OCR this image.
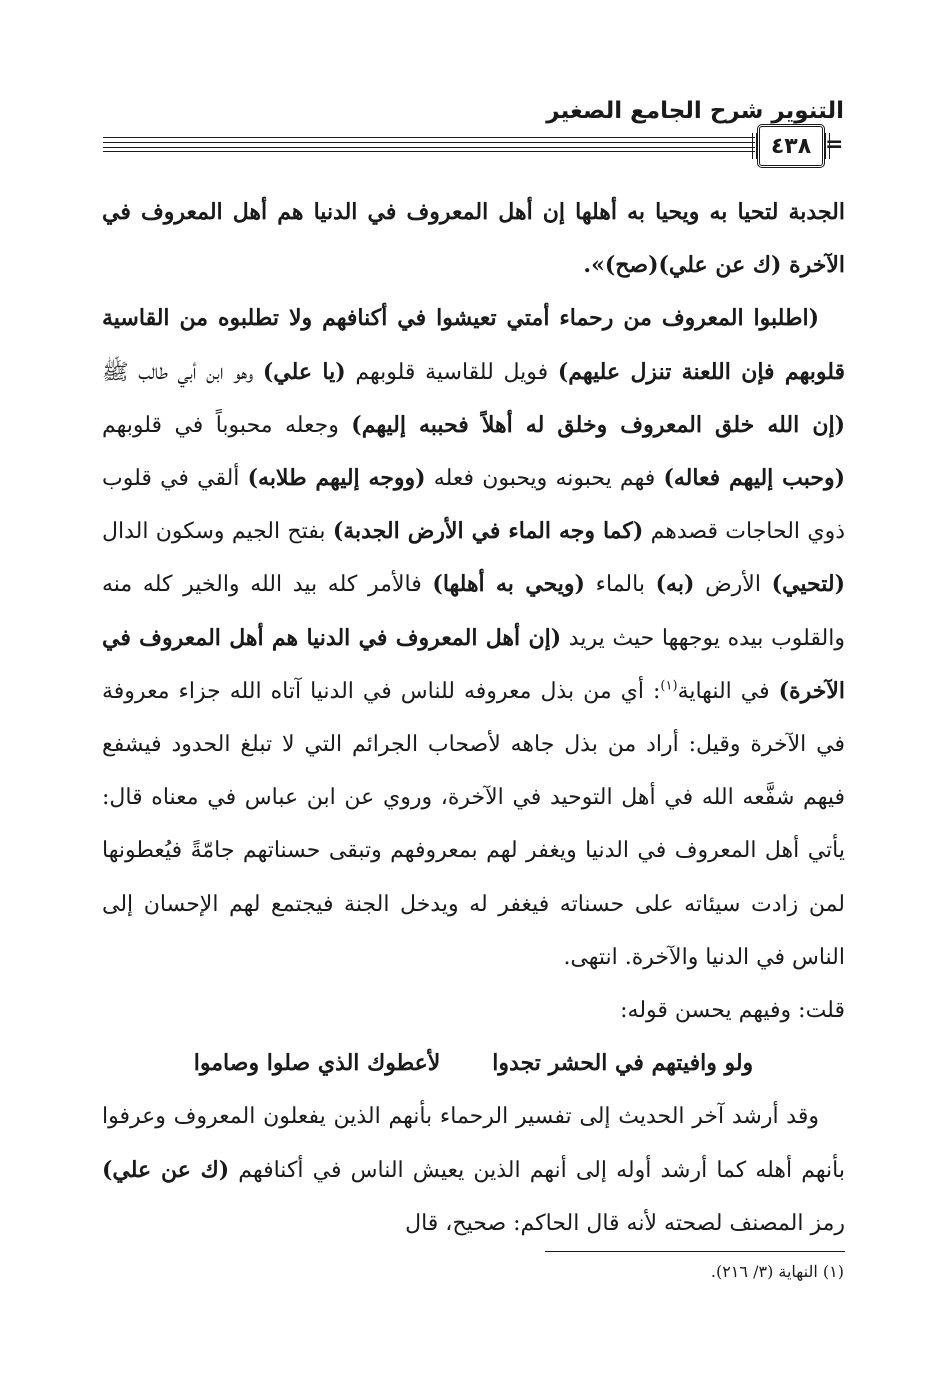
التنوير شرح الجامع الصغير
٤٣٨ =

الجدبة لتحيا به ويحيا به أهلها إن أهل المعروف في الدنيا هم أهل المعروف في الآخرة (ك عن علي)(صح)».

(اطلبوا المعروف من رحماء أمتي تعيشوا في أكنافهم ولا تطلبوه من القاسية قلوبهم فإن اللعنة تنزل عليهم) فويل للقاسية قلوبهم (يا علي) وهو ابن أبي طالب ﷺ (إن الله خلق المعروف وخلق له أهلاً فحببه إليهم) وجعله محبوباً في قلوبهم (وحبب إليهم فعاله) فهم يحبونه ويحبون فعله (ووجه إليهم طلابه) ألقي في قلوب ذوي الحاجات قصدهم (كما وجه الماء في الأرض الجدبة) بفتح الجيم وسكون الدال (لتحيي) الأرض (به) بالماء (ويحي به أهلها) فالأمر كله بيد الله والخير كله منه والقلوب بيده يوجهها حيث يريد (إن أهل المعروف في الدنيا هم أهل المعروف في الآخرة) في النهاية$^{(١)}$: أي من بذل معروفه للناس في الدنيا آتاه الله جزاء معروفة في الآخرة وقيل: أراد من بذل جاهه لأصحاب الجرائم التي لا تبلغ الحدود فيشفع فيهم شفَّعه الله في أهل التوحيد في الآخرة، وروي عن ابن عباس في معناه قال: يأتي أهل المعروف في الدنيا ويغفر لهم بمعروفهم وتبقى حسناتهم جامّةً فيُعطونها لمن زادت سيئاته على حسناته فيغفر له ويدخل الجنة فيجتمع لهم الإحسان إلى الناس في الدنيا والآخرة. انتهى.

قلت: وفيهم يحسن قوله:

ولو وافيتهم في الحشر تجدوالأعطوك الذي صلوا وصاموا

وقد أرشد آخر الحديث إلى تفسير الرحماء بأنهم الذين يفعلون المعروف وعرفوا بأنهم أهله كما أرشد أوله إلى أنهم الذين يعيش الناس في أكنافهم (ك عن علي) رمز المصنف لصحته لأنه قال الحاكم: صحيح، قال

(١) النهاية (٣/ ٢١٦).
